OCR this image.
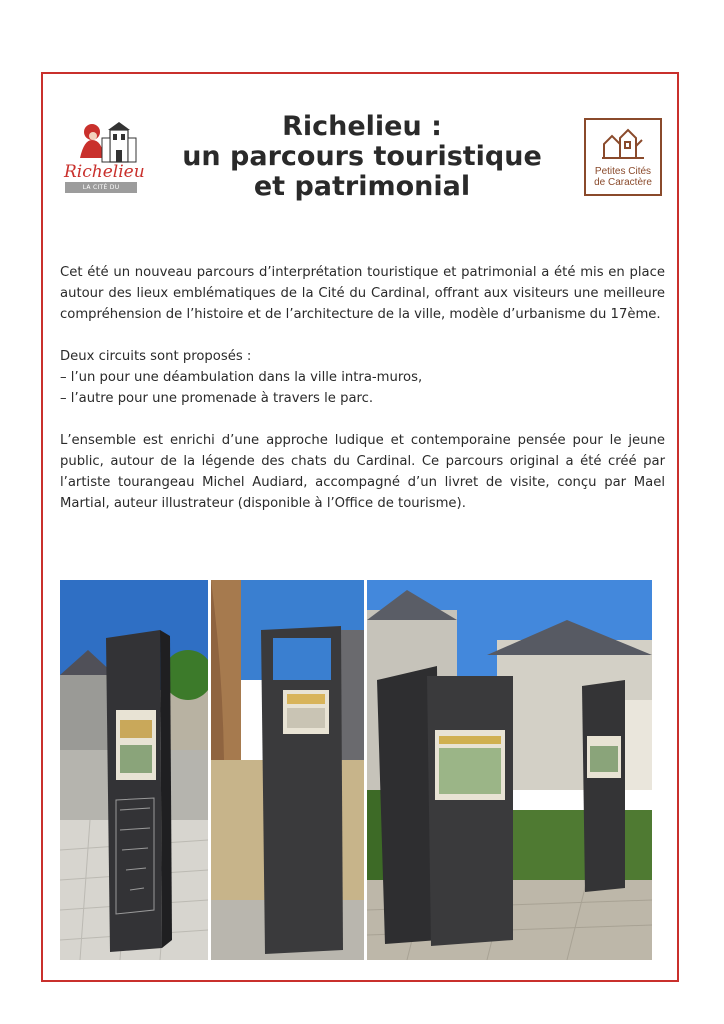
Richelieu
LA CITÉ DU CARDINAL
Richelieu :
un parcours touristique
et patrimonial	Petites Cités
de Caractère

Cet été un nouveau parcours d’interprétation touristique et patrimonial a été mis en place autour des lieux emblématiques de la Cité du Cardinal, offrant aux visiteurs une meilleure compréhension de l’histoire et de l’architecture de la ville, modèle d’urbanisme du 17ème.

Deux circuits sont proposés :

– l’un pour une déambulation dans la ville intra-muros,

– l’autre pour une promenade à travers le parc.

L’ensemble est enrichi d’une approche ludique et contemporaine pensée pour le jeune public, autour de la légende des chats du Cardinal. Ce parcours original a été créé par l’artiste tourangeau Michel Audiard, accompagné d’un livret de visite, conçu par Mael Martial, auteur illustrateur (disponible à l’Office de tourisme).
